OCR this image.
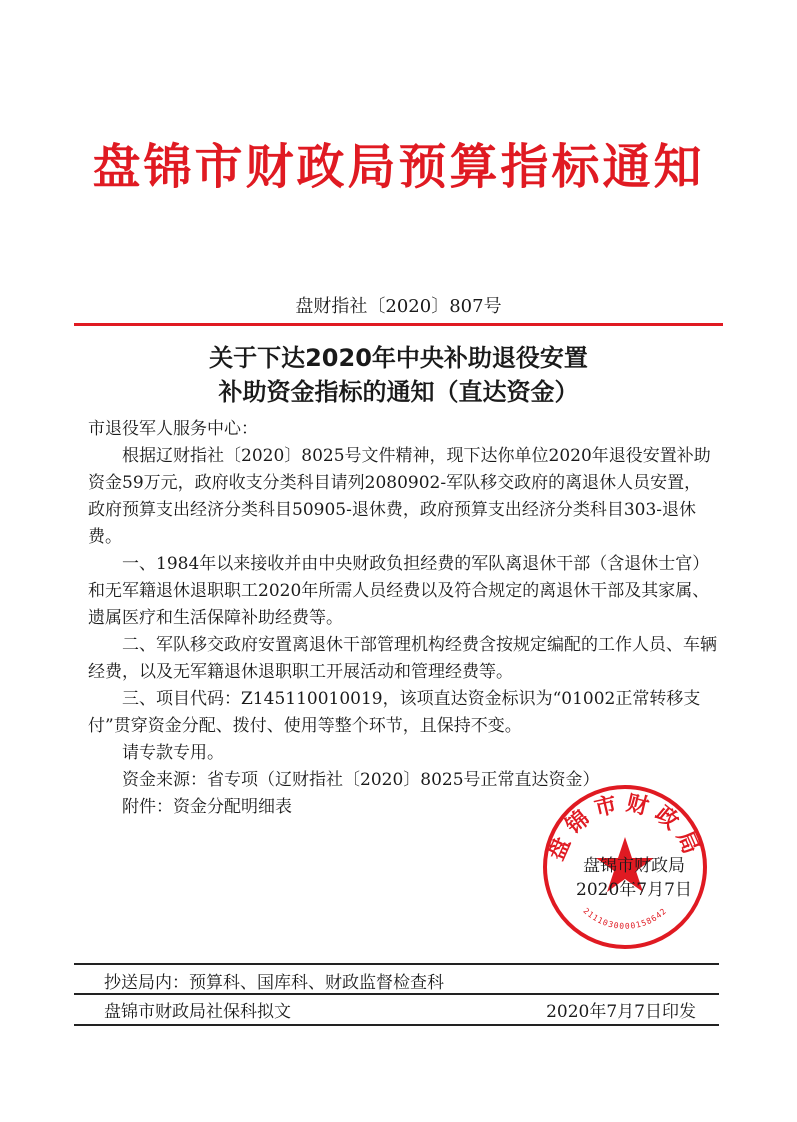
盘锦市财政局预算指标通知
盘财指社〔2020〕807号
关于下达2020年中央补助退役安置
补助资金指标的通知（直达资金）

市退役军人服务中心：

根据辽财指社〔2020〕8025号文件精神，现下达你单位2020年退役安置补助资金59万元，政府收支分类科目请列2080902-军队移交政府的离退休人员安置，政府预算支出经济分类科目50905-退休费，政府预算支出经济分类科目303-退休费。

一、1984年以来接收并由中央财政负担经费的军队离退休干部（含退休士官）和无军籍退休退职职工2020年所需人员经费以及符合规定的离退休干部及其家属、遗属医疗和生活保障补助经费等。

二、军队移交政府安置离退休干部管理机构经费含按规定编配的工作人员、车辆经费，以及无军籍退休退职职工开展活动和管理经费等。

三、项目代码：Z145110010019，该项直达资金标识为“01002正常转移支付”贯穿资金分配、拨付、使用等整个环节，且保持不变。

请专款专用。

资金来源：省专项（辽财指社〔2020〕8025号正常直达资金）

附件：资金分配明细表

盘锦市财政局
2111030000158642
盘锦市财政局
2020年7月7日
抄送局内：预算科、国库科、财政监督检查科
盘锦市财政局社保科拟文	2020年7月7日印发
